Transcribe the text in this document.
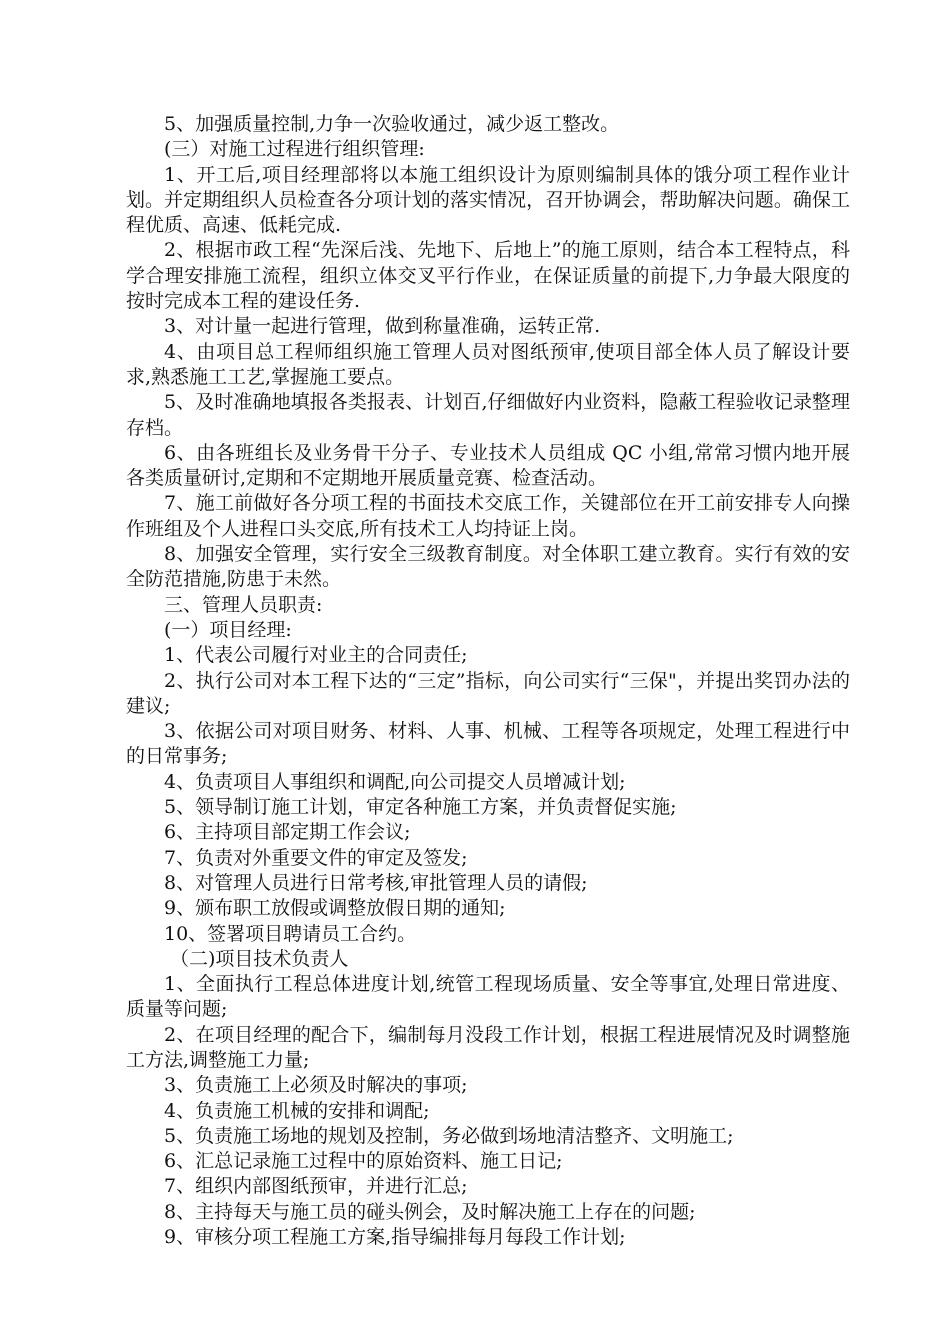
5、加强质量控制,力争一次验收通过，减少返工整改。

(三）对施工过程进行组织管理:

1、开工后,项目经理部将以本施工组织设计为原则编制具体的饿分项工程作业计划。并定期组织人员检查各分项计划的落实情况，召开协调会，帮助解决问题。确保工程优质、高速、低耗完成.

2、根据市政工程“先深后浅、先地下、后地上”的施工原则，结合本工程特点，科学合理安排施工流程，组织立体交叉平行作业，在保证质量的前提下,力争最大限度的按时完成本工程的建设任务.

3、对计量一起进行管理，做到称量准确，运转正常.

4、由项目总工程师组织施工管理人员对图纸预审,使项目部全体人员了解设计要求,熟悉施工工艺,掌握施工要点。

5、及时准确地填报各类报表、计划百,仔细做好内业资料，隐蔽工程验收记录整理存档。

6、由各班组长及业务骨干分子、专业技术人员组成 QC 小组,常常习惯内地开展各类质量研讨,定期和不定期地开展质量竞赛、检查活动。

7、施工前做好各分项工程的书面技术交底工作，关键部位在开工前安排专人向操作班组及个人进程口头交底,所有技术工人均持证上岗。

8、加强安全管理，实行安全三级教育制度。对全体职工建立教育。实行有效的安全防范措施,防患于未然。

三、管理人员职责:

(一）项目经理:

1、代表公司履行对业主的合同责任;

2、执行公司对本工程下达的“三定”指标，向公司实行“三保"，并提出奖罚办法的建议;

3、依据公司对项目财务、材料、人事、机械、工程等各项规定，处理工程进行中的日常事务;

4、负责项目人事组织和调配,向公司提交人员增减计划;

5、领导制订施工计划，审定各种施工方案，并负责督促实施;

6、主持项目部定期工作会议;

7、负责对外重要文件的审定及签发;

8、对管理人员进行日常考核,审批管理人员的请假;

9、颁布职工放假或调整放假日期的通知;

10、签署项目聘请员工合约。

（二)项目技术负责人

1、全面执行工程总体进度计划,统管工程现场质量、安全等事宜,处理日常进度、质量等问题;

2、在项目经理的配合下，编制每月没段工作计划，根据工程进展情况及时调整施工方法,调整施工力量;

3、负责施工上必须及时解决的事项;

4、负责施工机械的安排和调配;

5、负责施工场地的规划及控制，务必做到场地清洁整齐、文明施工;

6、汇总记录施工过程中的原始资料、施工日记;

7、组织内部图纸预审，并进行汇总;

8、主持每天与施工员的碰头例会，及时解决施工上存在的问题;

9、审核分项工程施工方案,指导编排每月每段工作计划;
